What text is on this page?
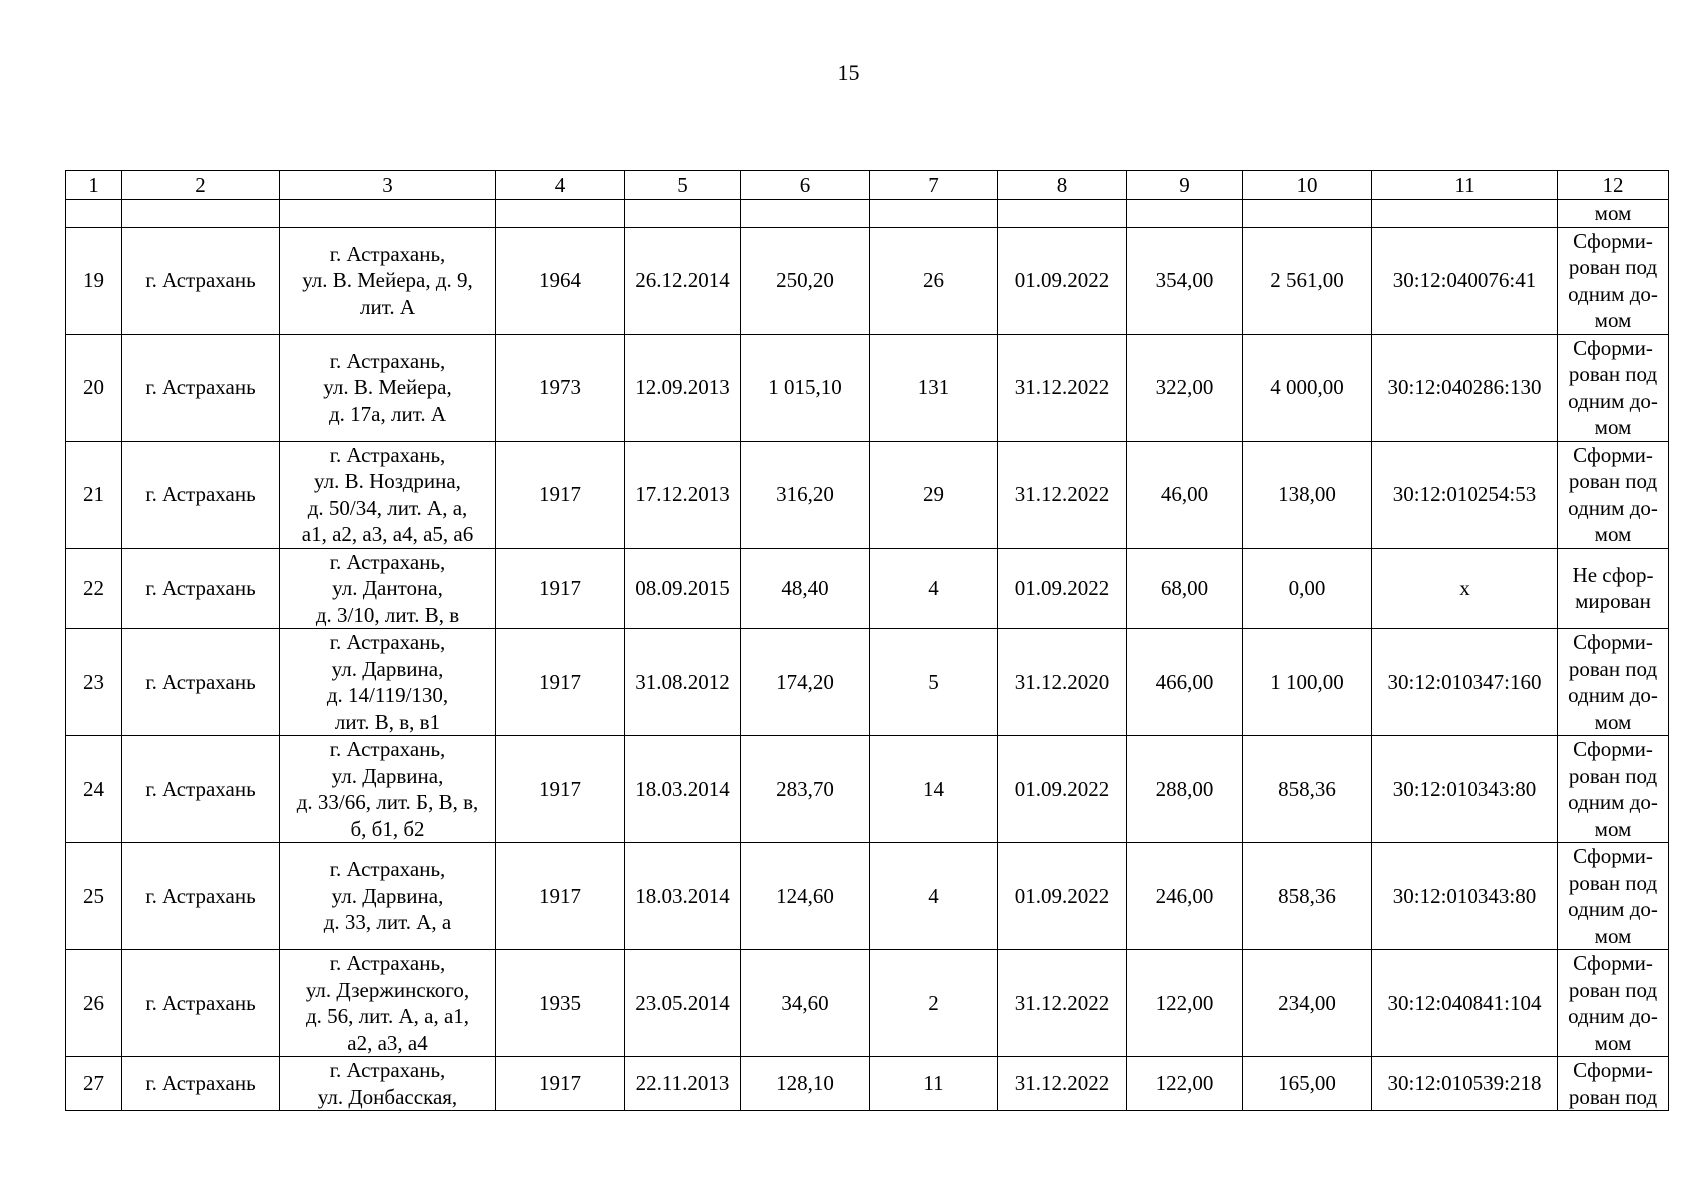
15
1	2	3	4	5	6	7	8	9	10	11	12
											мом
19	г. Астрахань	г. Астрахань,
ул. В. Мейера, д. 9,
лит. А	1964	26.12.2014	250,20	26	01.09.2022	354,00	2 561,00	30:12:040076:41	Сформи-
рован под
одним до-
мом

20	г. Астрахань	г. Астрахань,
ул. В. Мейера,
д. 17а, лит. А	1973	12.09.2013	1 015,10	131	31.12.2022	322,00	4 000,00	30:12:040286:130	Сформи-
рован под
одним до-
мом

21	г. Астрахань	г. Астрахань,
ул. В. Ноздрина,
д. 50/34, лит. А, а,
а1, а2, а3, а4, а5, а6	1917	17.12.2013	316,20	29	31.12.2022	46,00	138,00	30:12:010254:53	Сформи-
рован под
одним до-
мом

22	г. Астрахань	г. Астрахань,
ул. Дантона,
д. 3/10, лит. В, в	1917	08.09.2015	48,40	4	01.09.2022	68,00	0,00	х	Не сфор-
мирован

23	г. Астрахань	г. Астрахань,
ул. Дарвина,
д. 14/119/130,
лит. В, в, в1	1917	31.08.2012	174,20	5	31.12.2020	466,00	1 100,00	30:12:010347:160	Сформи-
рован под
одним до-
мом

24	г. Астрахань	г. Астрахань,
ул. Дарвина,
д. 33/66, лит. Б, В, в,
б, б1, б2	1917	18.03.2014	283,70	14	01.09.2022	288,00	858,36	30:12:010343:80	Сформи-
рован под
одним до-
мом

25	г. Астрахань	г. Астрахань,
ул. Дарвина,
д. 33, лит. А, а	1917	18.03.2014	124,60	4	01.09.2022	246,00	858,36	30:12:010343:80	Сформи-
рован под
одним до-
мом

26	г. Астрахань	г. Астрахань,
ул. Дзержинского,
д. 56, лит. А, а, а1,
а2, а3, а4	1935	23.05.2014	34,60	2	31.12.2022	122,00	234,00	30:12:040841:104	Сформи-
рован под
одним до-
мом

27	г. Астрахань	г. Астрахань,
ул. Донбасская,	1917	22.11.2013	128,10	11	31.12.2022	122,00	165,00	30:12:010539:218	Сформи-
рован под
